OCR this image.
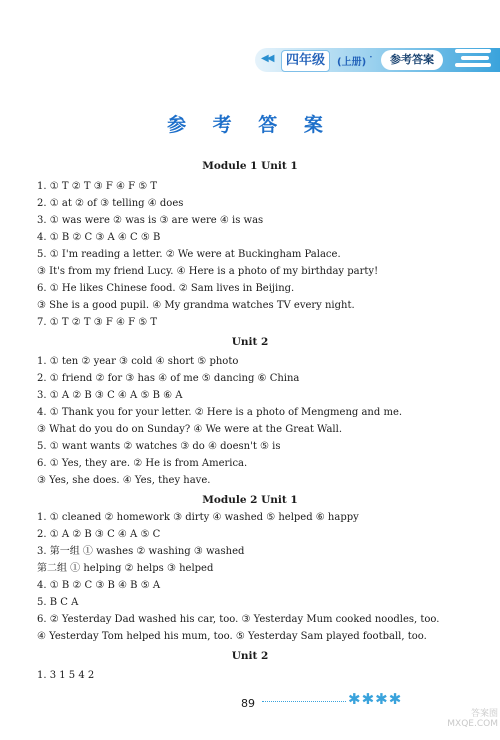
◀◀	四年级	(上册) ·	参考答案
参 考 答 案
Module 1 Unit 1
1. ① T ② T ③ F ④ F ⑤ T
2. ① at ② of ③ telling ④ does
3. ① was were ② was is ③ are were ④ is was
4. ① B ② C ③ A ④ C ⑤ B
5. ① I'm reading a letter. ② We were at Buckingham Palace.
③ It's from my friend Lucy. ④ Here is a photo of my birthday party!
6. ① He likes Chinese food. ② Sam lives in Beijing.
③ She is a good pupil. ④ My grandma watches TV every night.
7. ① T ② T ③ F ④ F ⑤ T
Unit 2
1. ① ten ② year ③ cold ④ short ⑤ photo
2. ① friend ② for ③ has ④ of me ⑤ dancing ⑥ China
3. ① A ② B ③ C ④ A ⑤ B ⑥ A
4. ① Thank you for your letter. ② Here is a photo of Mengmeng and me.
③ What do you do on Sunday? ④ We were at the Great Wall.
5. ① want wants ② watches ③ do ④ doesn't ⑤ is
6. ① Yes, they are. ② He is from America.
③ Yes, she does. ④ Yes, they have.
Module 2 Unit 1
1. ① cleaned ② homework ③ dirty ④ washed ⑤ helped ⑥ happy
2. ① A ② B ③ C ④ A ⑤ C
3. 第一组 ① washes ② washing ③ washed
第二组 ① helping ② helps ③ helped
4. ① B ② C ③ B ④ B ⑤ A
5. B C A
6. ② Yesterday Dad washed his car, too. ③ Yesterday Mum cooked noodles, too.
④ Yesterday Tom helped his mum, too. ⑤ Yesterday Sam played football, too.
Unit 2
1. 3 1 5 4 2
89	✱✱✱✱
答案圈 MXQE.COM
